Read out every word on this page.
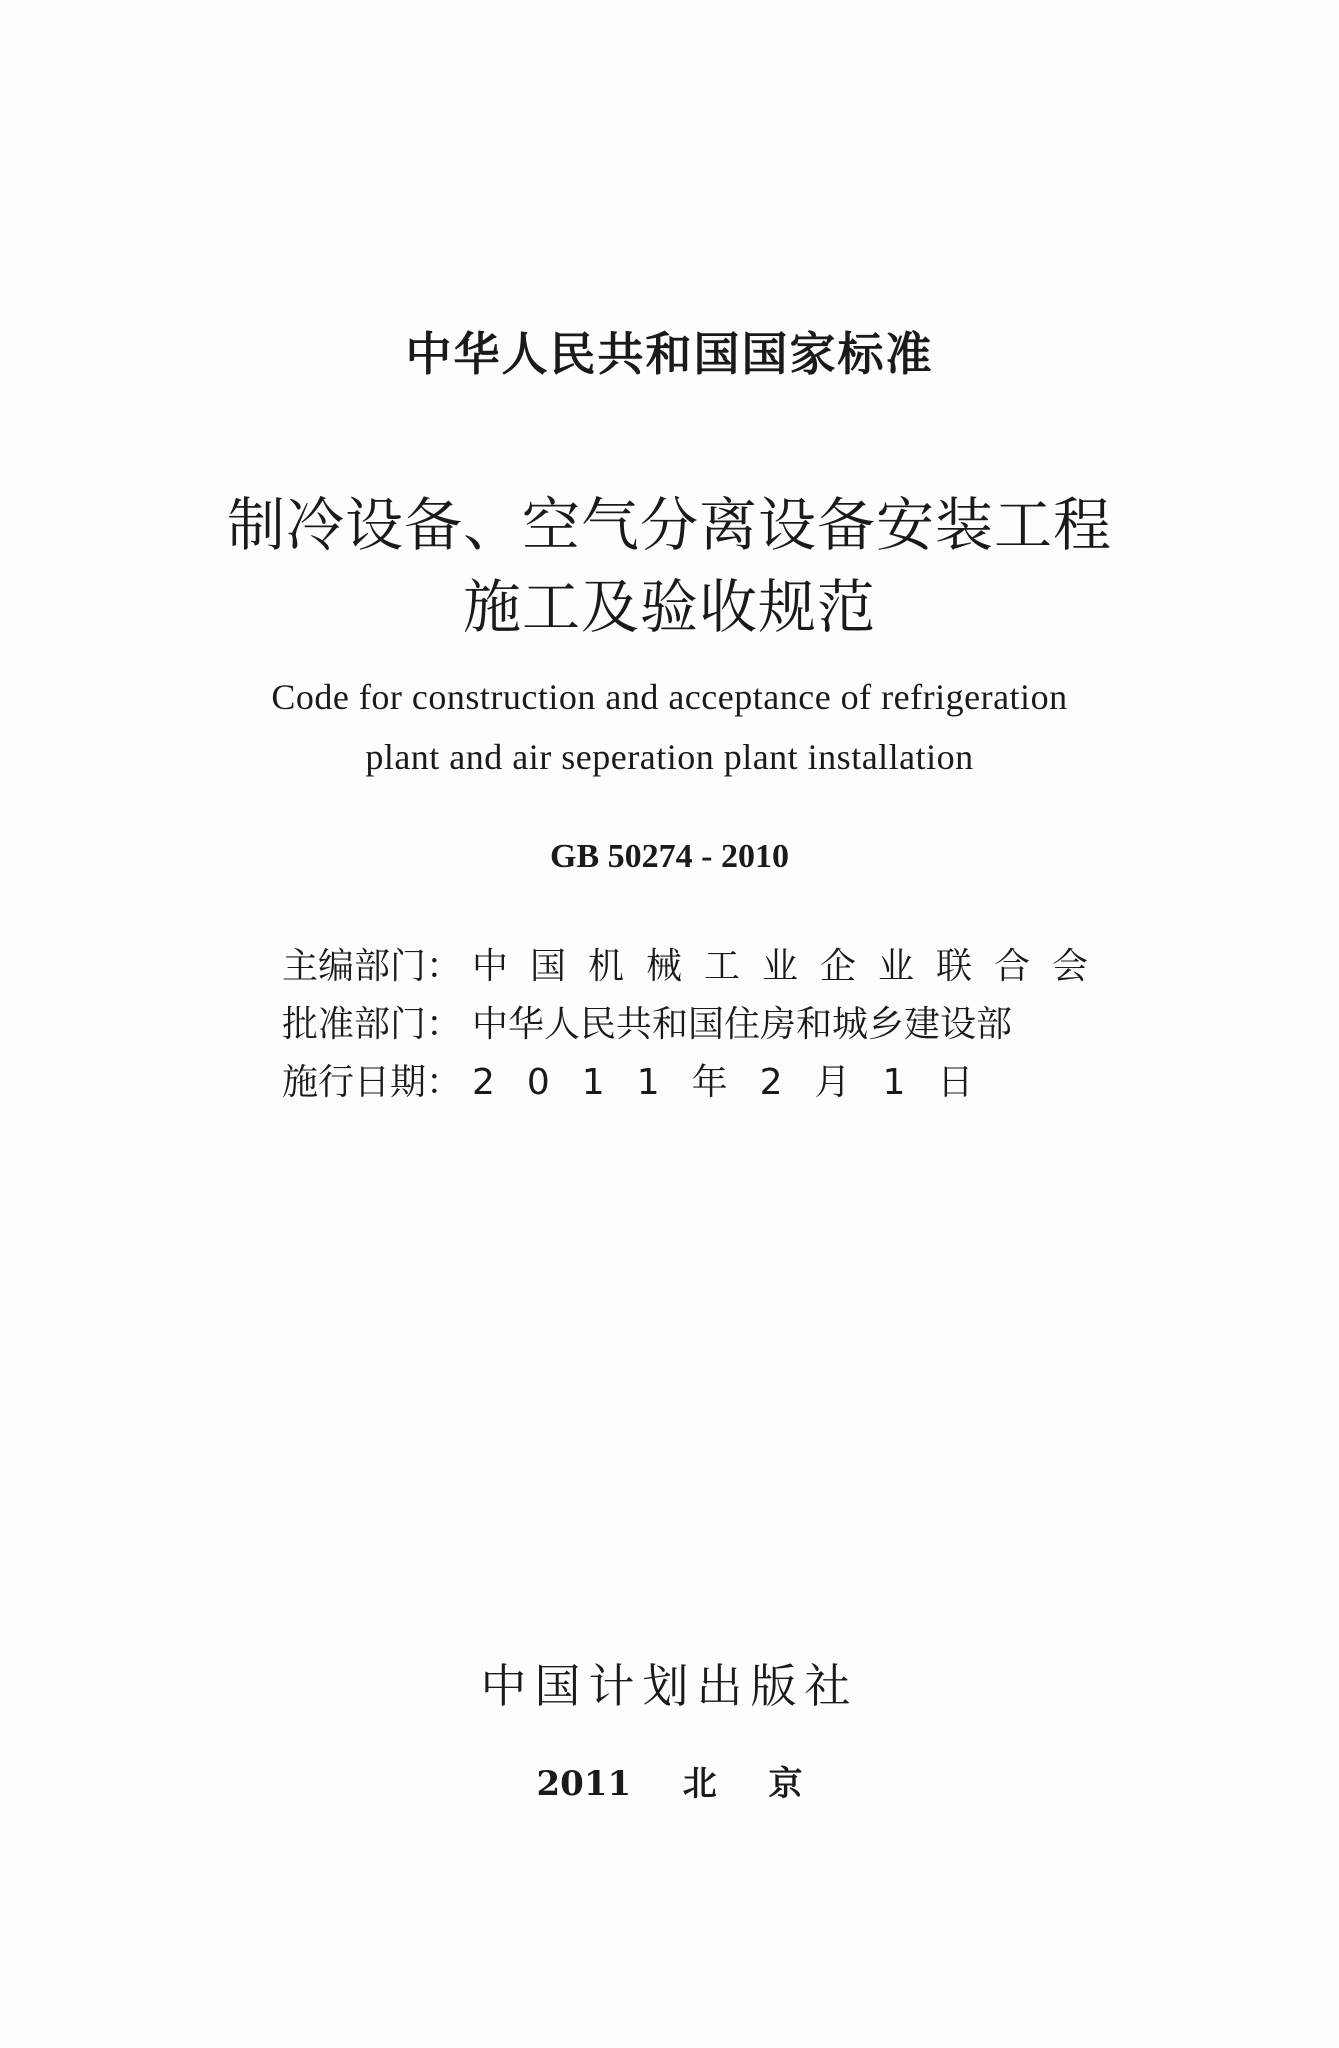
中华人民共和国国家标准
制冷设备、空气分离设备安装工程
施工及验收规范
Code for construction and acceptance of refrigeration
plant and air seperation plant installation
GB 50274 - 2010
主编部门： 中国机械工业企业联合会
批准部门： 中华人民共和国住房和城乡建设部
施行日期： 2011年2月1日
中国计划出版社
2011  北  京
